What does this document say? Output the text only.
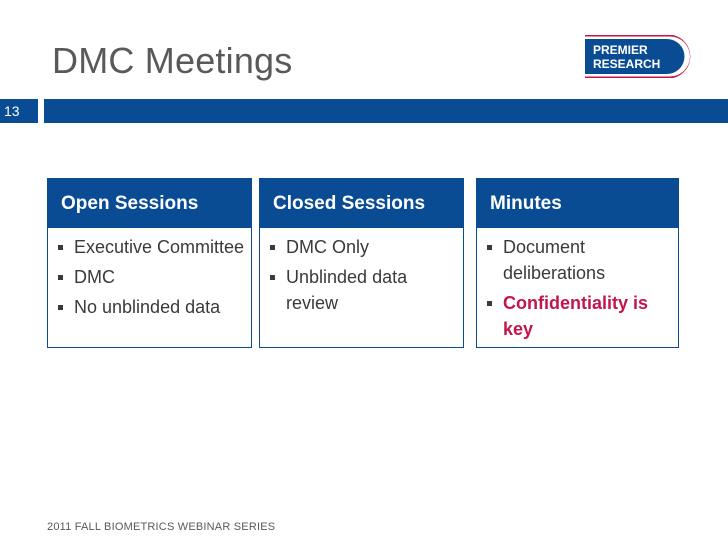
DMC Meetings	PREMIER
RESEARCH
13
Open Sessions
Executive Committee
DMC
No unblinded data
Closed Sessions
DMC Only
Unblinded data review
Minutes
Document deliberations
Confidentiality is key
2011 FALL BIOMETRICS WEBINAR SERIES
